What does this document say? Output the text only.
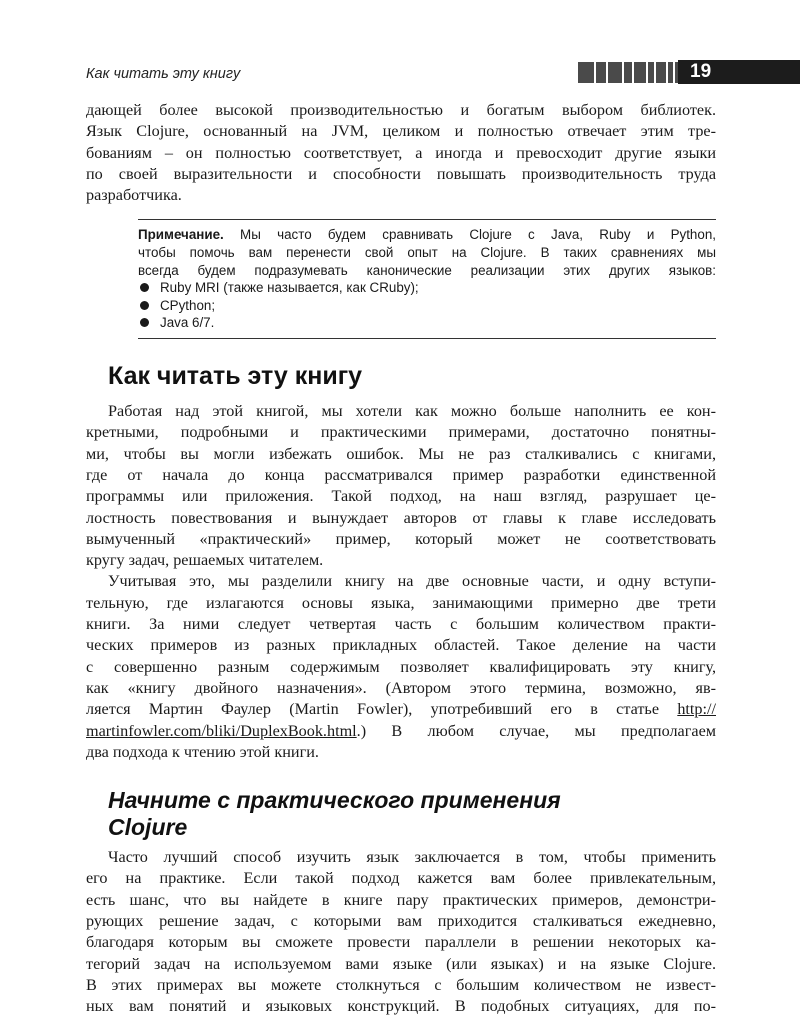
Как читать эту книгу	19

дающей более высокой производительностью и богатым выбором библиотек.

Язык Clojure, основанный на JVM, целиком и полностью отвечает этим тре-

бованиям – он полностью соответствует, а иногда и превосходит другие языки

по своей выразительности и способности повышать производительность труда

разработчика.

Примечание. Мы часто будем сравнивать Clojure с Java, Ruby и Python,
чтобы помочь вам перенести свой опыт на Clojure. В таких сравнениях мы
всегда будем подразумевать канонические реализации этих других языков:
Ruby MRI (также называется, как CRuby);
CPython;
Java 6/7.
Как читать эту книгу

Работая над этой книгой, мы хотели как можно больше наполнить ее кон-

кретными, подробными и практическими примерами, достаточно понятны-

ми, чтобы вы могли избежать ошибок. Мы не раз сталкивались с книгами,

где от начала до конца рассматривался пример разработки единственной

программы или приложения. Такой подход, на наш взгляд, разрушает це-

лостность повествования и вынуждает авторов от главы к главе исследовать

вымученный «практический» пример, который может не соответствовать

кругу задач, решаемых читателем.

Учитывая это, мы разделили книгу на две основные части, и одну вступи-

тельную, где излагаются основы языка, занимающими примерно две трети

книги. За ними следует четвертая часть с большим количеством практи-

ческих примеров из разных прикладных областей. Такое деление на части

с совершенно разным содержимым позволяет квалифицировать эту книгу,

как «книгу двойного назначения». (Автором этого термина, возможно, яв-

ляется Мартин Фаулер (Martin Fowler), употребивший его в статье http://

martinfowler.com/bliki/DuplexBook.html.) В любом случае, мы предполагаем

два подхода к чтению этой книги.

Начните с практического применения
Clojure

Часто лучший способ изучить язык заключается в том, чтобы применить

его на практике. Если такой подход кажется вам более привлекательным,

есть шанс, что вы найдете в книге пару практических примеров, демонстри-

рующих решение задач, с которыми вам приходится сталкиваться ежедневно,

благодаря которым вы сможете провести параллели в решении некоторых ка-

тегорий задач на используемом вами языке (или языках) и на языке Clojure.

В этих примерах вы можете столкнуться с большим количеством не извест-

ных вам понятий и языковых конструкций. В подобных ситуациях, для по-
